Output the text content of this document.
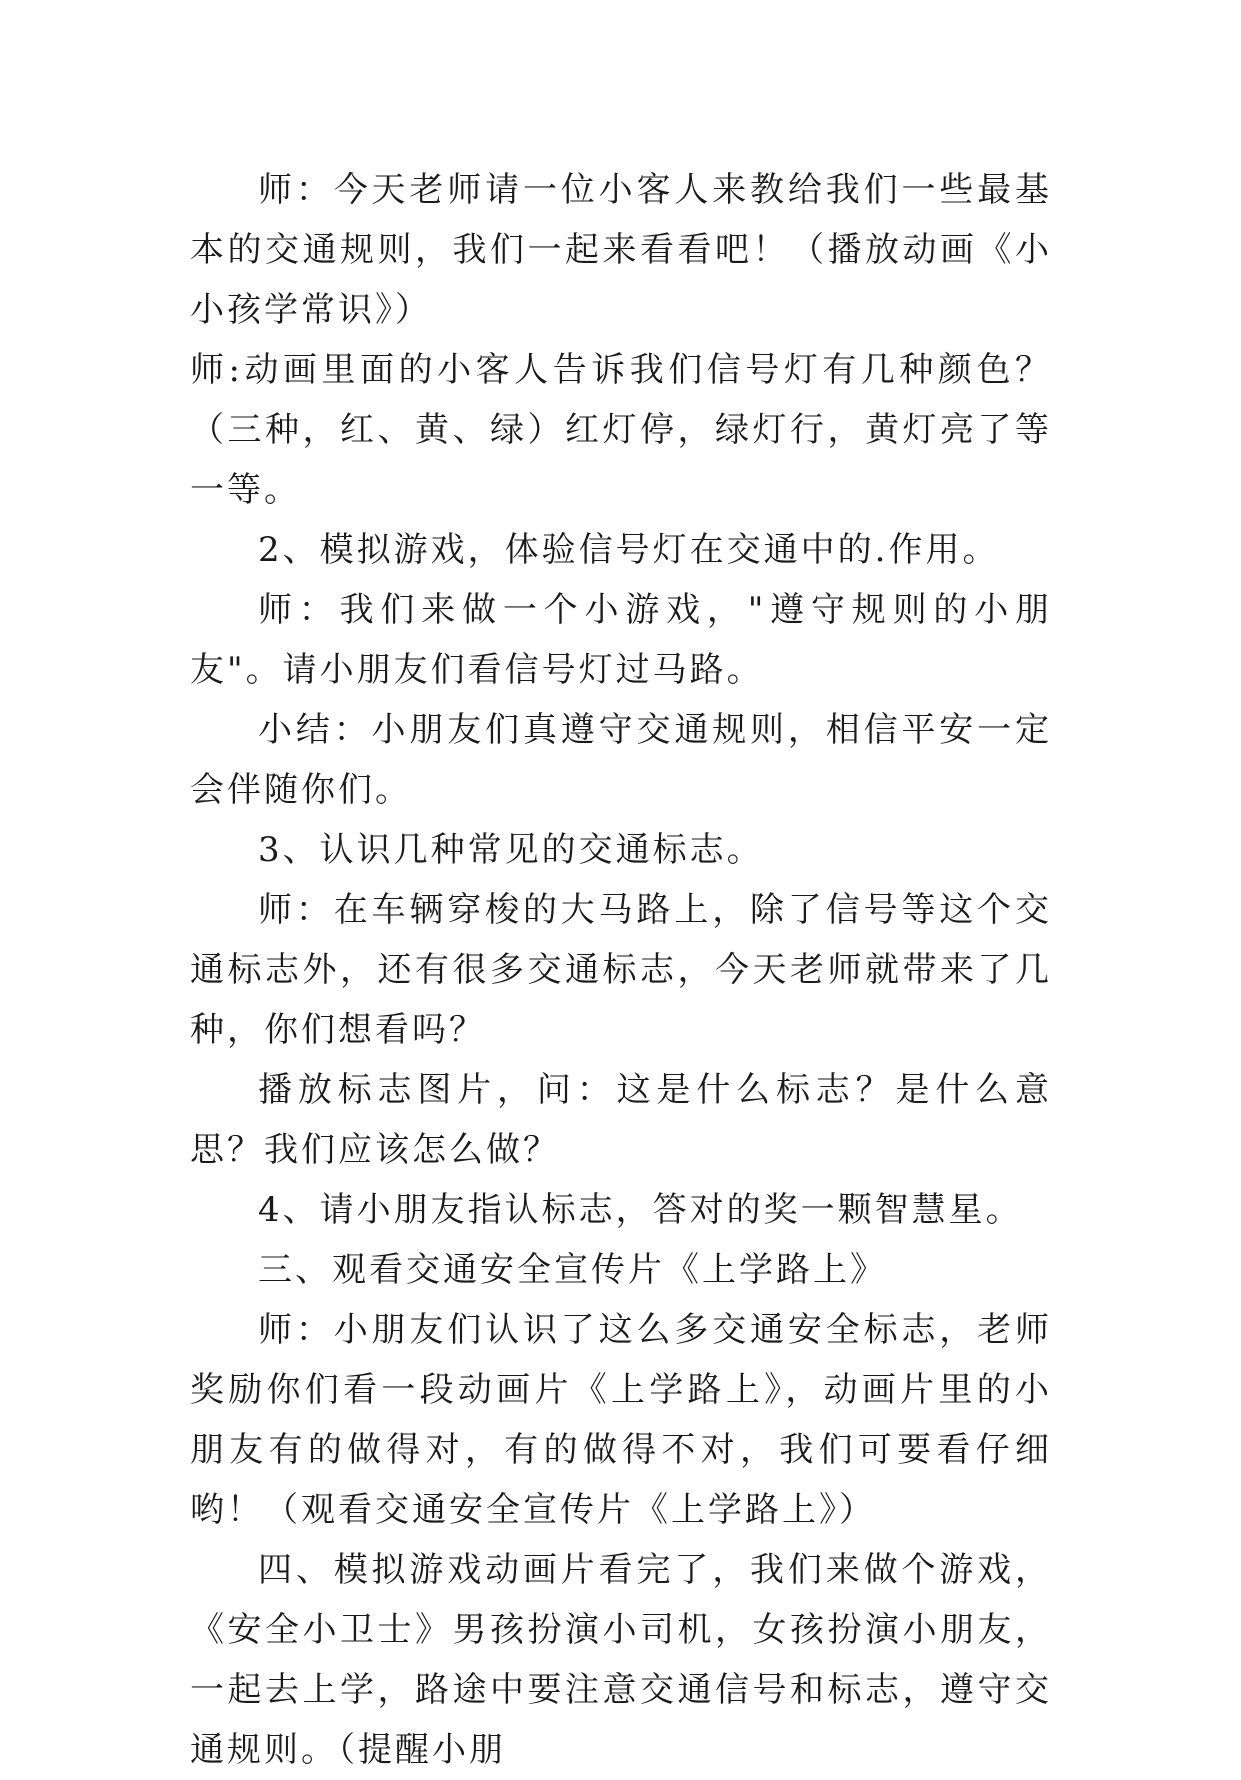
师：今天老师请一位小客人来教给我们一些最基本的交通规则，我们一起来看看吧！（播放动画《小小孩学常识》）

师:动画里面的小客人告诉我们信号灯有几种颜色？（三种，红、黄、绿）红灯停，绿灯行，黄灯亮了等一等。

2、模拟游戏，体验信号灯在交通中的.作用。

师：我们来做一个小游戏，"遵守规则的小朋友"。请小朋友们看信号灯过马路。

小结：小朋友们真遵守交通规则，相信平安一定会伴随你们。

3、认识几种常见的交通标志。

师：在车辆穿梭的大马路上，除了信号等这个交通标志外，还有很多交通标志，今天老师就带来了几种，你们想看吗？

播放标志图片，问：这是什么标志？是什么意思？我们应该怎么做？

4、请小朋友指认标志，答对的奖一颗智慧星。

三、观看交通安全宣传片《上学路上》

师：小朋友们认识了这么多交通安全标志，老师奖励你们看一段动画片《上学路上》，动画片里的小朋友有的做得对，有的做得不对，我们可要看仔细哟！（观看交通安全宣传片《上学路上》）

四、模拟游戏动画片看完了，我们来做个游戏，《安全小卫士》男孩扮演小司机，女孩扮演小朋友，一起去上学，路途中要注意交通信号和标志，遵守交通规则。（提醒小朋
